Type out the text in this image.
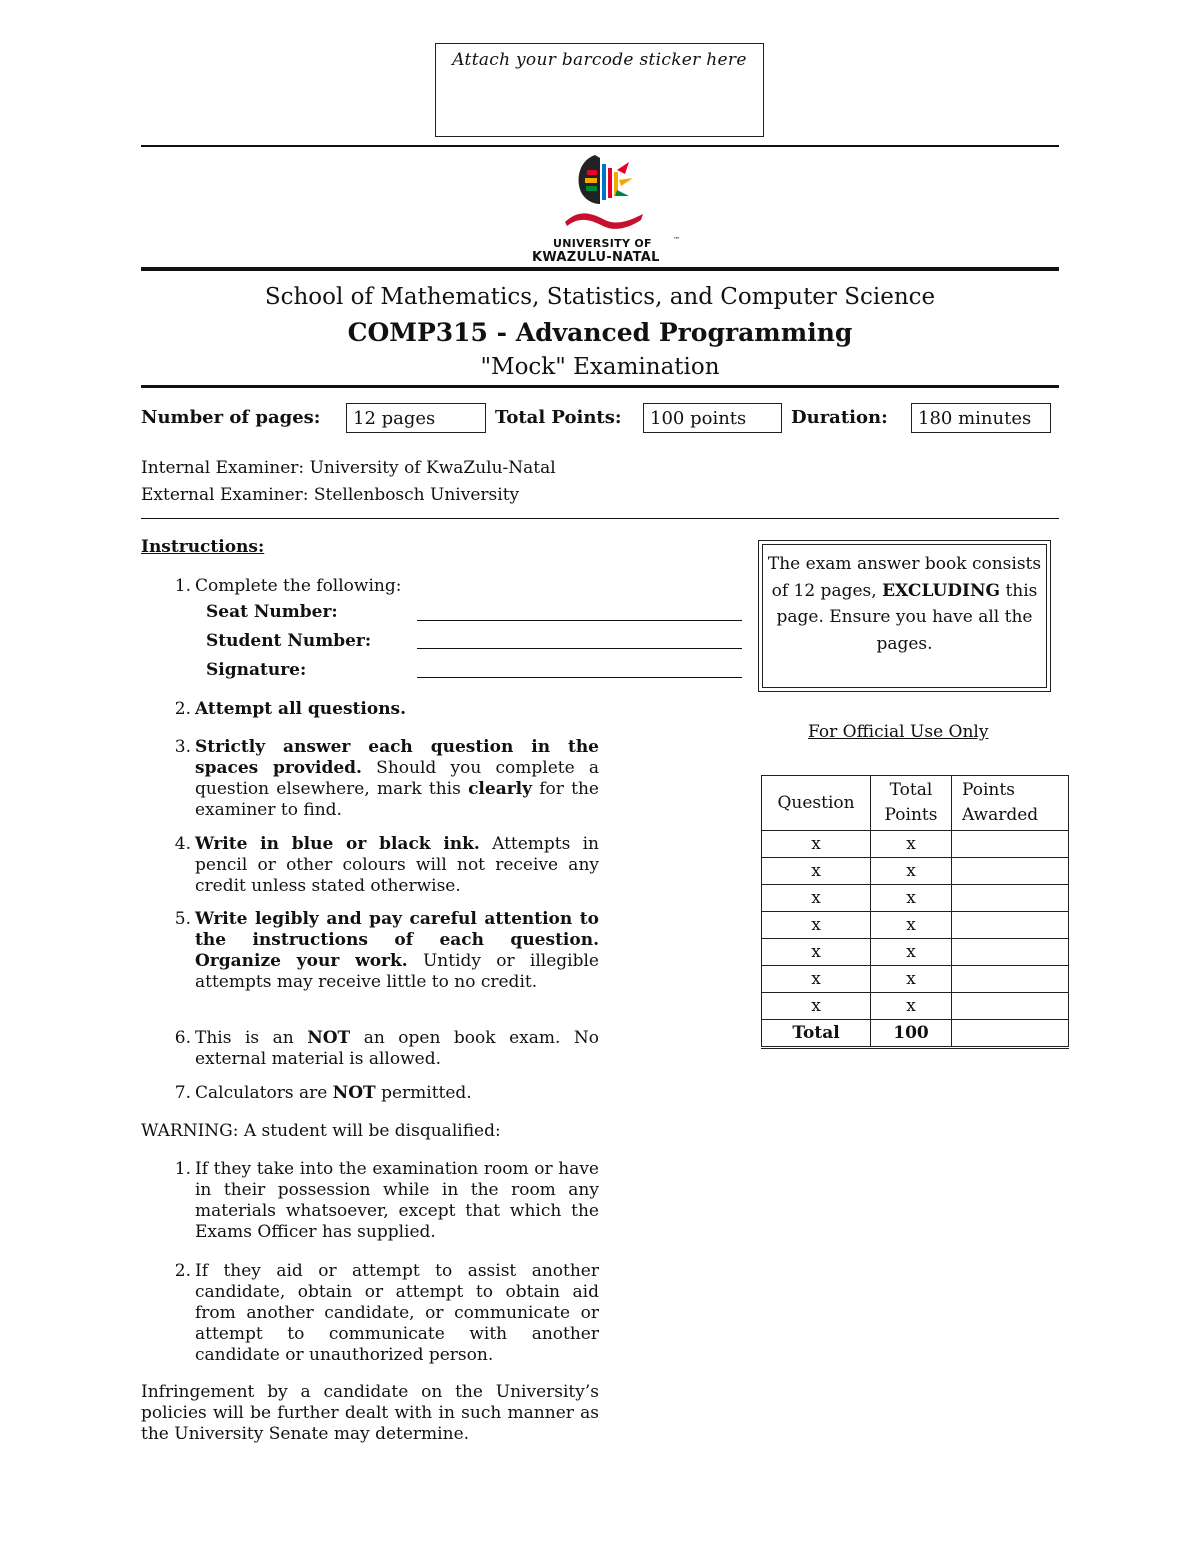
Attach your barcode sticker here
UNIVERSITY OF
KWAZULU-NATAL
™
School of Mathematics, Statistics, and Computer Science
COMP315 - Advanced Programming
"Mock" Examination
Number of pages:	12 pages	Total Points:	100 points	Duration:	180 minutes
Internal Examiner: University of KwaZulu-Natal
External Examiner: Stellenbosch University
Instructions:
1. Complete the following:
Seat Number:
Student Number:
Signature:
2. Attempt all questions.
3. Strictly answer each question in the spaces provided. Should you complete a question elsewhere, mark this clearly for the examiner to find.
4. Write in blue or black ink. Attempts in pencil or other colours will not receive any credit unless stated otherwise.
5. Write legibly and pay careful attention to the instructions of each question. Organize your work. Untidy or illegible attempts may receive little to no credit.
6. This is an NOT an open book exam. No external material is allowed.
7. Calculators are NOT permitted.
WARNING: A student will be disqualified:
1. If they take into the examination room or have in their possession while in the room any materials whatsoever, except that which the Exams Officer has supplied.
2. If they aid or attempt to assist another candidate, obtain or attempt to obtain aid from another candidate, or communicate or attempt to communicate with another candidate or unauthorized person.
Infringement by a candidate on the University’s policies will be further dealt with in such manner as the University Senate may determine.
The exam answer book consists of 12 pages, EXCLUDING this page. Ensure you have all the pages.
For Official Use Only
Question	Total Points	Points Awarded

x	x	
x	x	
x	x	
x	x	
x	x	
x	x	
x	x	
Total	100	
